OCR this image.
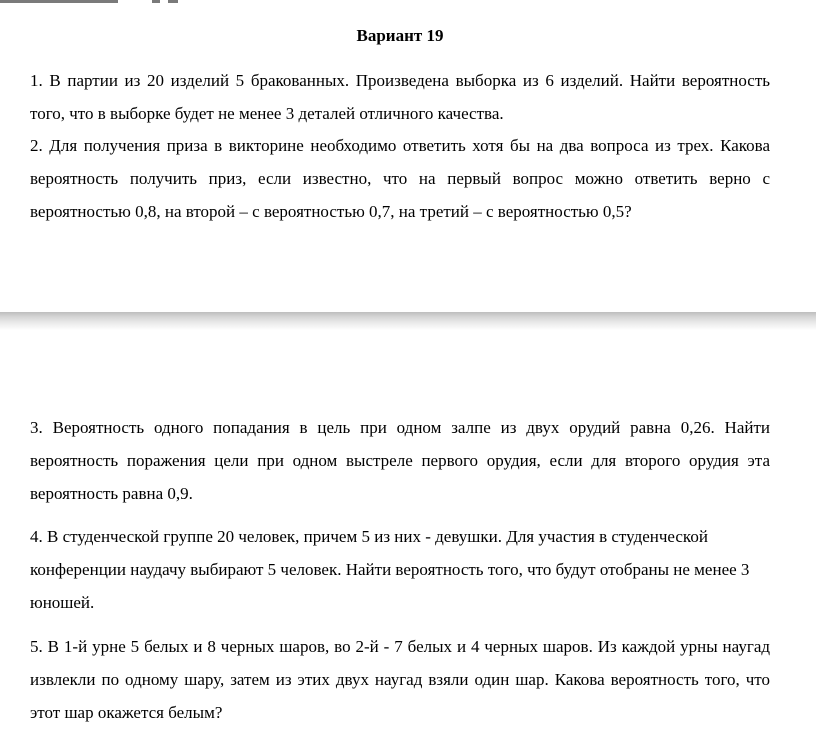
Вариант 19

1. В партии из 20 изделий 5 бракованных. Произведена выборка из 6 изделий. Найти вероятность того, что в выборке будет не менее 3 деталей отличного качества.

2. Для получения приза в викторине необходимо ответить хотя бы на два вопроса из трех. Какова вероятность получить приз, если известно, что на первый вопрос можно ответить верно с вероятностью 0,8, на второй – с вероятностью 0,7, на третий – с вероятностью 0,5?

3. Вероятность одного попадания в цель при одном залпе из двух орудий равна 0,26. Найти вероятность поражения цели при одном выстреле первого орудия, если для второго орудия эта вероятность равна 0,9.

4. В студенческой группе 20 человек, причем 5 из них - девушки. Для участия в студенческой конференции наудачу выбирают 5 человек. Найти вероятность того, что будут отобраны не менее 3 юношей.

5. В 1-й урне 5 белых и 8 черных шаров, во 2-й - 7 белых и 4 черных шаров. Из каждой урны наугад извлекли по одному шару, затем из этих двух наугад взяли один шар. Какова вероятность того, что этот шар окажется белым?
